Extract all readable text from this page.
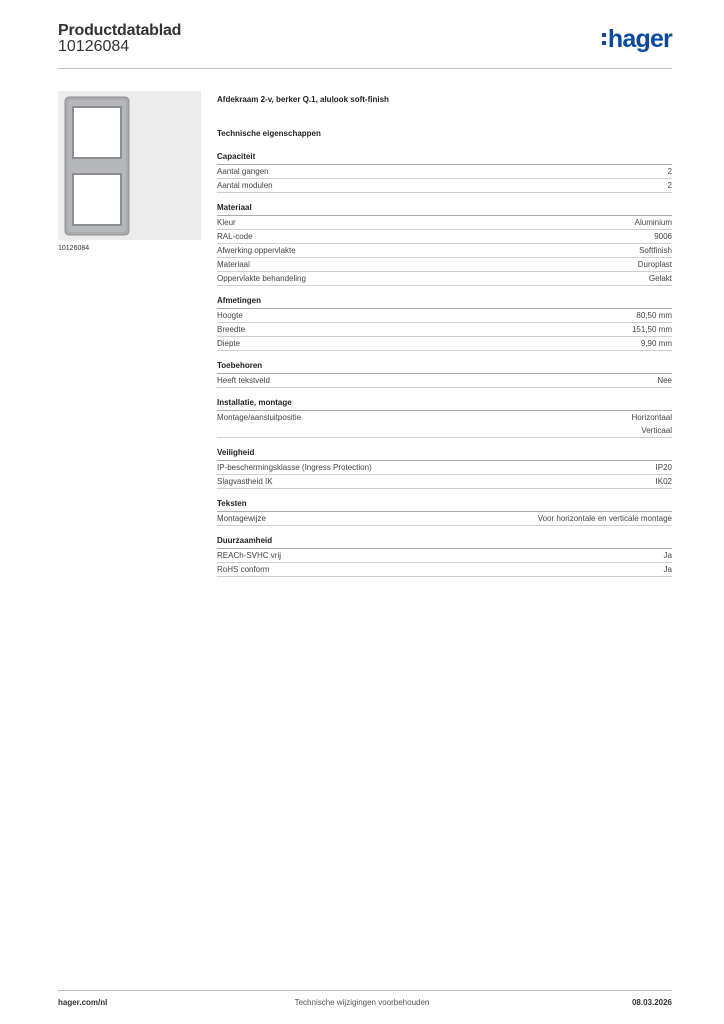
Productdatablad
10126084	hager
10126084
Afdekraam 2-v, berker Q.1, alulook soft-finish
Technische eigenschappen
Capaciteit
Aantal gangen	2
Aantal modulen	2
Materiaal
Kleur	Aluminium
RAL-code	9006
Afwerking oppervlakte	Softfinish
Materiaal	Duroplast
Oppervlakte behandeling	Gelakt
Afmetingen
Hoogte	80,50 mm
Breedte	151,50 mm
Diepte	9,90 mm
Toebehoren
Heeft tekstveld	Nee
Installatie, montage
Montage/aansluitpositie	Horizontaal
Verticaal
Veiligheid
IP-beschermingsklasse (Ingress Protection)	IP20
Slagvastheid IK	IK02
Teksten
Montagewijze	Voor horizontale en verticale montage
Duurzaamheid
REACh-SVHC vrij	Ja
RoHS conform	Ja
hager.com/nl	Technische wijzigingen voorbehouden	08.03.2026
